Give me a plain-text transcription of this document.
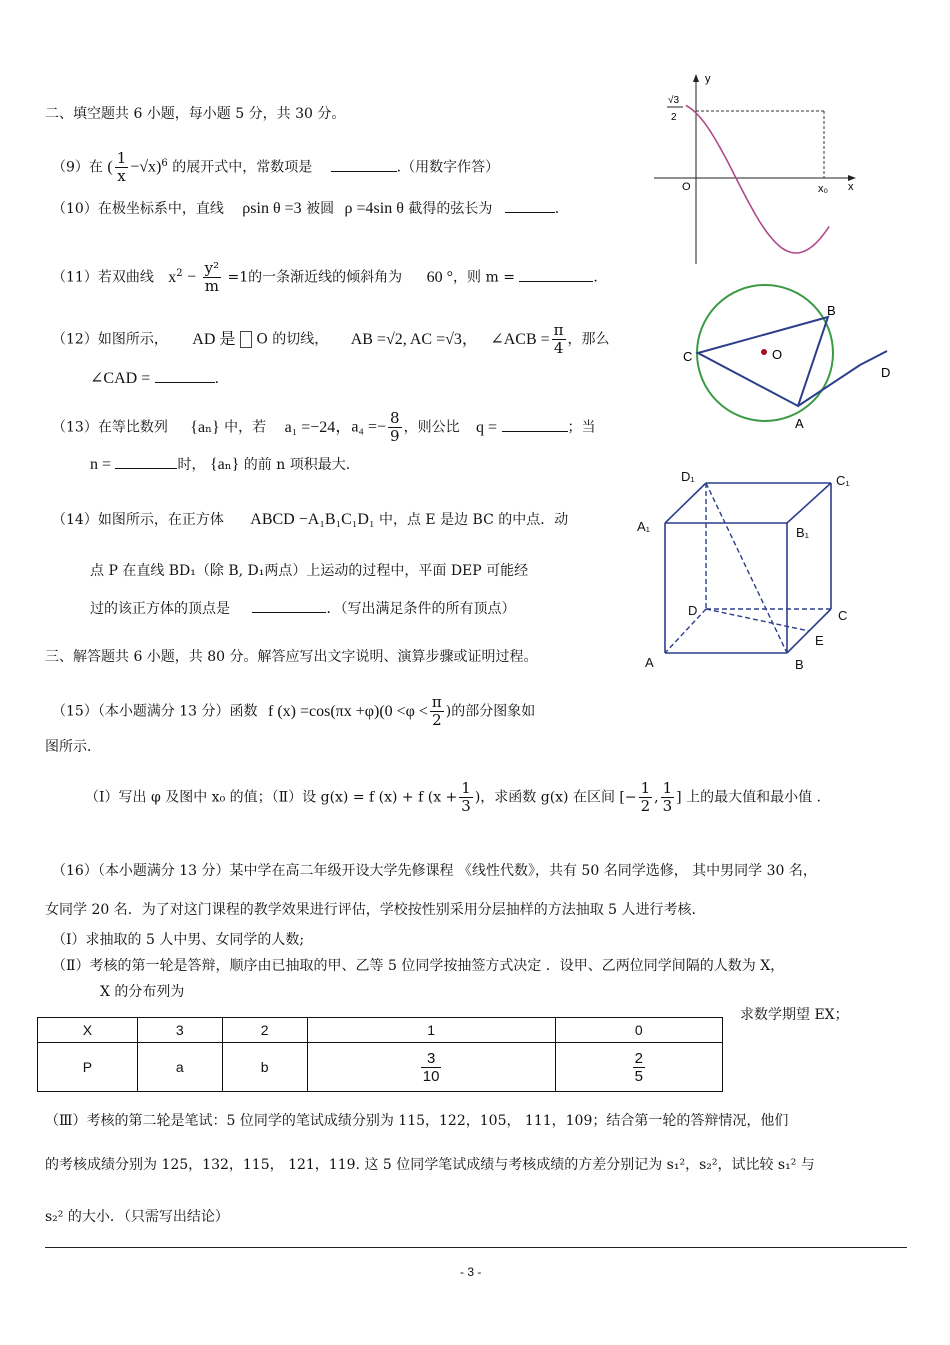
二、填空题共 6 小题，每小题 5 分，共 30 分。
（9）在 ( $\frac{1}{x} -√x)^6$ 的展开式中，常数项是	.（用数字作答）
（10）在极坐标系中，直线 ρsin θ =3 被圆 ρ =4sin θ 截得的弦长为	.
（11）若双曲线 $x^2 - \frac{\text{y²}}{m} =1$的一条渐近线的倾斜角为 60 °，则 m =	.
（12）如图所示， AD 是 O 的切线， AB =√2, AC =√3， ∠ACB = $\frac{\pi}{4}$ ，那么
∠CAD =	.
（13）在等比数列 {aₙ} 中，若 a₁ =−24，$a_4 =- \frac{8}{9}$ ，则公比 q =	；当
n =	时， {aₙ} 的前 n 项积最大.
（14）如图所示，在正方体 ABCD −A₁B₁C₁D₁ 中，点 E 是边 BC 的中点．动
点 P 在直线 BD₁（除 B, D₁两点）上运动的过程中，平面 DEP 可能经
过的该正方体的顶点是	．（写出满足条件的所有顶点）
三、解答题共 6 小题，共 80 分。解答应写出文字说明、演算步骤或证明过程。
（15）（本小题满分 13 分）函数 f $(x) =\cos(\pi x +\varphi)(0 <\varphi < \frac{\pi}{2}$ )的部分图象如
图所示．
（Ⅰ）写出 φ 及图中 x₀ 的值；（Ⅱ）设 g(x) = f (x) + f ($x + \frac{1}{3}$ )，求函数 g(x) 在区间 [− $\frac{1}{2}$ , $\frac{1}{3}$ ] 上的最大值和最小值 .
（16）（本小题满分 13 分）某中学在高二年级开设大学先修课程 《线性代数》，共有 50 名同学选修， 其中男同学 30 名，
女同学 20 名．为了对这门课程的教学效果进行评估，学校按性别采用分层抽样的方法抽取 5 人进行考核．
（Ⅰ）求抽取的 5 人中男、女同学的人数;
（Ⅱ）考核的第一轮是答辩，顺序由已抽取的甲、乙等 5 位同学按抽签方式决定 ．设甲、乙两位同学间隔的人数为 X，
X 的分布列为
求数学期望 EX；
X	3	2	1	0
P	a	b	$\frac{3}{10}$	$\frac{2}{5}$
（Ⅲ）考核的第二轮是笔试：5 位同学的笔试成绩分别为 115，122，105， 111，109；结合第一轮的答辩情况，他们
的考核成绩分别为 125，132，115， 121，119. 这 5 位同学笔试成绩与考核成绩的方差分别记为 s₁²，s₂²，试比较 s₁² 与
s₂² 的大小．（只需写出结论）
- 3 -
y
x
O	x₀
√3
2
O
B
C
A
D
D₁	C₁
A₁	B₁
D	C
E
A	B
